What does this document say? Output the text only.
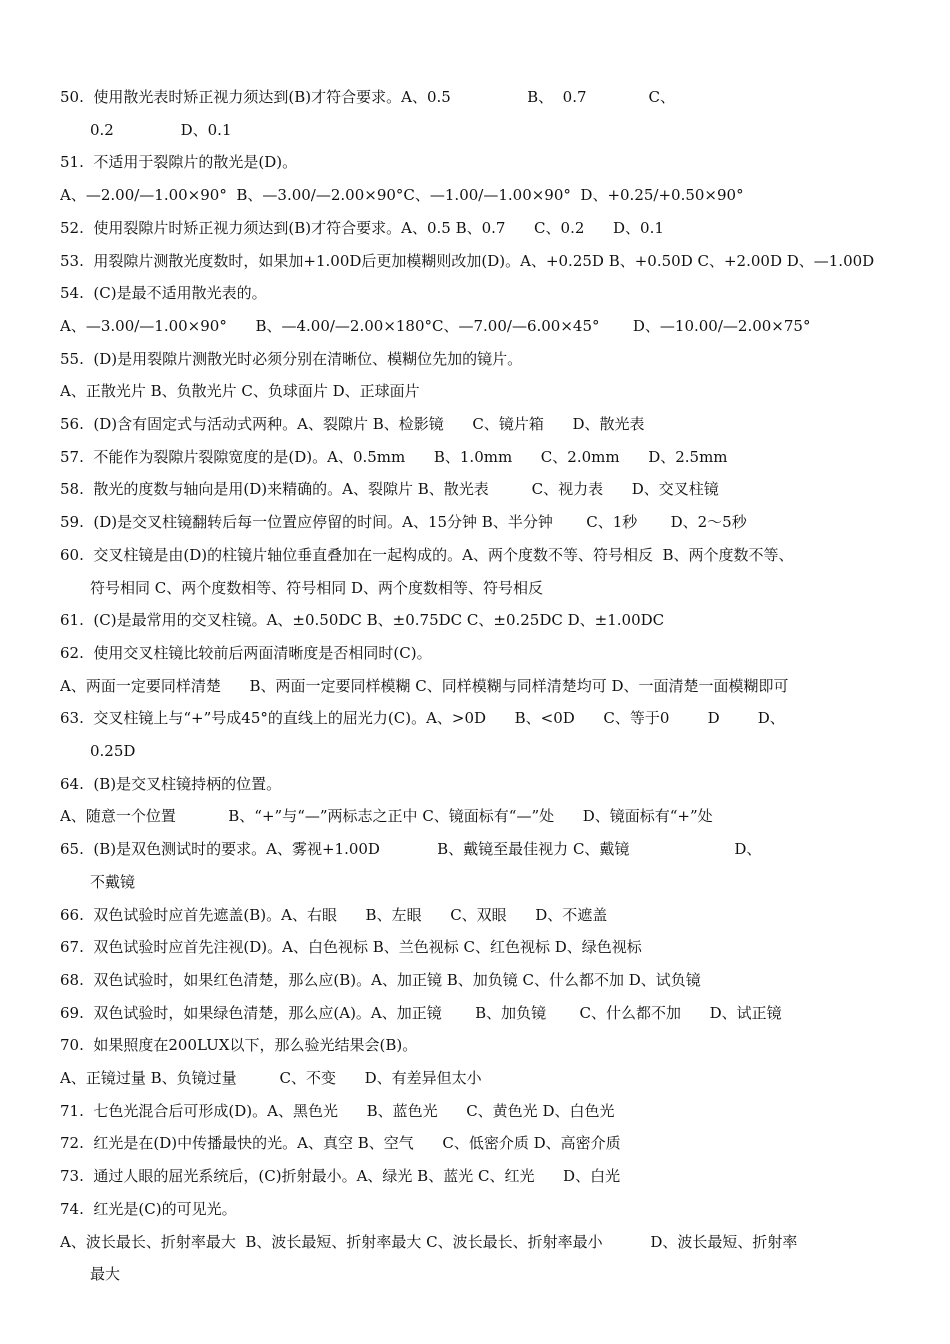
50.  使用散光表时矫正视力须达到(B)才符合要求。A、0.5                B、  0.7             C、
0.2              D、0.1
51.  不适用于裂隙片的散光是(D)。
A、—2.00/—1.00×90°  B、—3.00/—2.00×90°C、—1.00/—1.00×90°  D、+0.25/+0.50×90°
52.  使用裂隙片时矫正视力须达到(B)才符合要求。A、0.5 B、0.7      C、0.2      D、0.1
53.  用裂隙片测散光度数时，如果加+1.00D后更加模糊则改加(D)。A、+0.25D B、+0.50D C、+2.00D D、—1.00D
54.  (C)是最不适用散光表的。
A、—3.00/—1.00×90°      B、—4.00/—2.00×180°C、—7.00/—6.00×45°       D、—10.00/—2.00×75°
55.  (D)是用裂隙片测散光时必须分别在清晰位、模糊位先加的镜片。
A、正散光片 B、负散光片 C、负球面片 D、正球面片
56.  (D)含有固定式与活动式两种。A、裂隙片 B、检影镜      C、镜片箱      D、散光表
57.  不能作为裂隙片裂隙宽度的是(D)。A、0.5mm      B、1.0mm      C、2.0mm      D、2.5mm
58.  散光的度数与轴向是用(D)来精确的。A、裂隙片 B、散光表         C、视力表      D、交叉柱镜
59.  (D)是交叉柱镜翻转后每一位置应停留的时间。A、15分钟 B、半分钟       C、1秒       D、2～5秒
60.  交叉柱镜是由(D)的柱镜片轴位垂直叠加在一起构成的。A、两个度数不等、符号相反  B、两个度数不等、
符号相同 C、两个度数相等、符号相同 D、两个度数相等、符号相反
61.  (C)是最常用的交叉柱镜。A、±0.50DC B、±0.75DC C、±0.25DC D、±1.00DC
62.  使用交叉柱镜比较前后两面清晰度是否相同时(C)。
A、两面一定要同样清楚      B、两面一定要同样模糊 C、同样模糊与同样清楚均可 D、一面清楚一面模糊即可
63.  交叉柱镜上与“+”号成45°的直线上的屈光力(C)。A、>0D      B、<0D      C、等于0        D        D、
0.25D
64.  (B)是交叉柱镜持柄的位置。
A、随意一个位置           B、“+”与“—”两标志之正中 C、镜面标有“—”处      D、镜面标有“+”处
65.  (B)是双色测试时的要求。A、雾视+1.00D            B、戴镜至最佳视力 C、戴镜                      D、
不戴镜
66.  双色试验时应首先遮盖(B)。A、右眼      B、左眼      C、双眼      D、不遮盖
67.  双色试验时应首先注视(D)。A、白色视标 B、兰色视标 C、红色视标 D、绿色视标
68.  双色试验时，如果红色清楚，那么应(B)。A、加正镜 B、加负镜 C、什么都不加 D、试负镜
69.  双色试验时，如果绿色清楚，那么应(A)。A、加正镜       B、加负镜       C、什么都不加      D、试正镜
70.  如果照度在200LUX以下，那么验光结果会(B)。
A、正镜过量 B、负镜过量         C、不变      D、有差异但太小
71.  七色光混合后可形成(D)。A、黑色光      B、蓝色光      C、黄色光 D、白色光
72.  红光是在(D)中传播最快的光。A、真空 B、空气      C、低密介质 D、高密介质
73.  通过人眼的屈光系统后，(C)折射最小。A、绿光 B、蓝光 C、红光      D、白光
74.  红光是(C)的可见光。
A、波长最长、折射率最大  B、波长最短、折射率最大 C、波长最长、折射率最小          D、波长最短、折射率
最大
